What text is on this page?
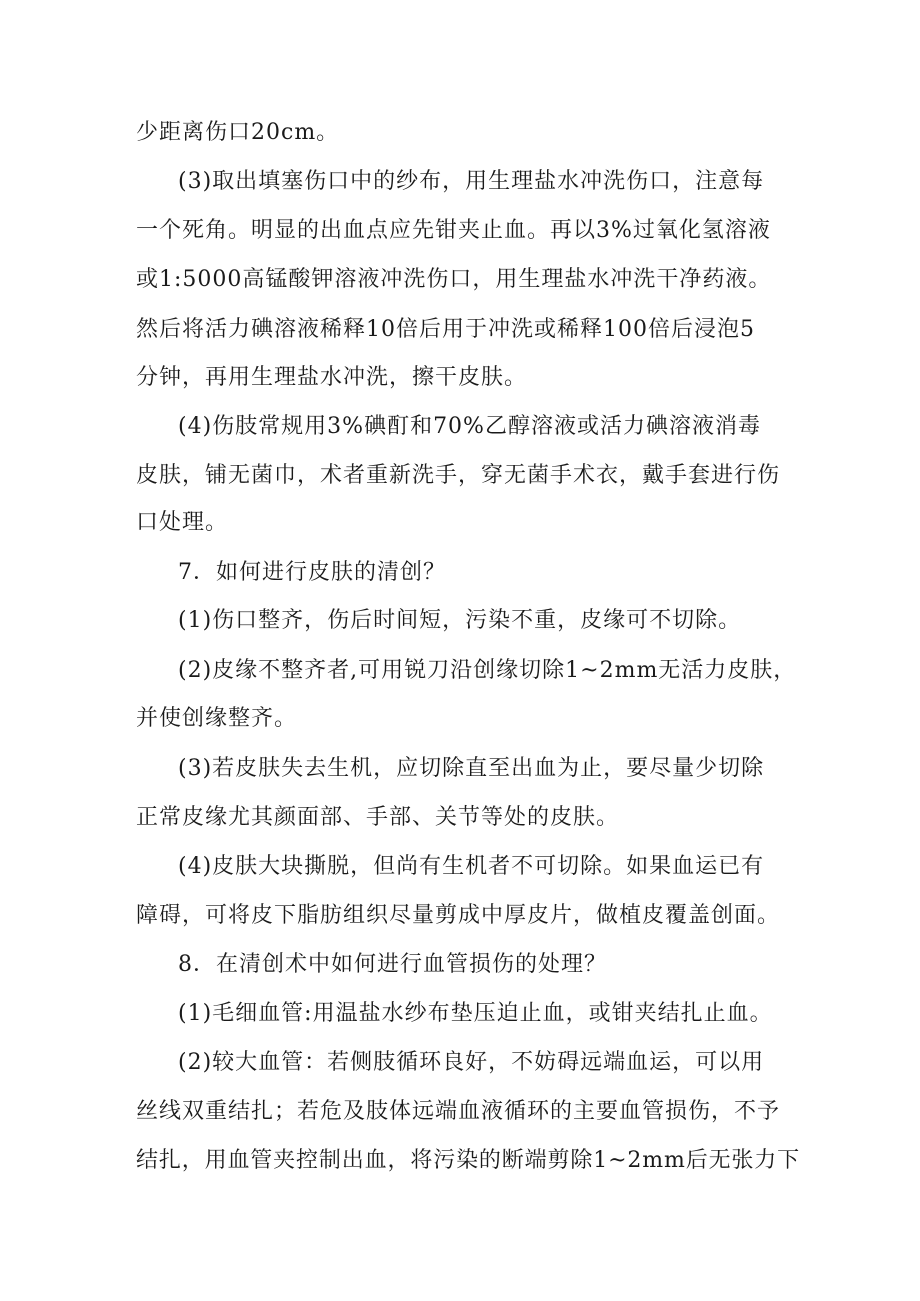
少距离伤口20cm。
(3)取出填塞伤口中的纱布，用生理盐水冲洗伤口，注意每
一个死角。明显的出血点应先钳夹止血。再以3%过氧化氢溶液
或1:5000高锰酸钾溶液冲洗伤口，用生理盐水冲洗干净药液。
然后将活力碘溶液稀释10倍后用于冲洗或稀释100倍后浸泡5
分钟，再用生理盐水冲洗，擦干皮肤。
(4)伤肢常规用3%碘酊和70%乙醇溶液或活力碘溶液消毒
皮肤，铺无菌巾，术者重新洗手，穿无菌手术衣，戴手套进行伤
口处理。
7．如何进行皮肤的清创？
(1)伤口整齐，伤后时间短，污染不重，皮缘可不切除。
(2)皮缘不整齐者,可用锐刀沿创缘切除1~2mm无活力皮肤，
并使创缘整齐。
(3)若皮肤失去生机，应切除直至出血为止，要尽量少切除
正常皮缘尤其颜面部、手部、关节等处的皮肤。
(4)皮肤大块撕脱，但尚有生机者不可切除。如果血运已有
障碍，可将皮下脂肪组织尽量剪成中厚皮片，做植皮覆盖创面。
8．在清创术中如何进行血管损伤的处理？
(1)毛细血管:用温盐水纱布垫压迫止血，或钳夹结扎止血。
(2)较大血管：若侧肢循环良好，不妨碍远端血运，可以用
丝线双重结扎；若危及肢体远端血液循环的主要血管损伤，不予
结扎，用血管夹控制出血，将污染的断端剪除1~2mm后无张力下
